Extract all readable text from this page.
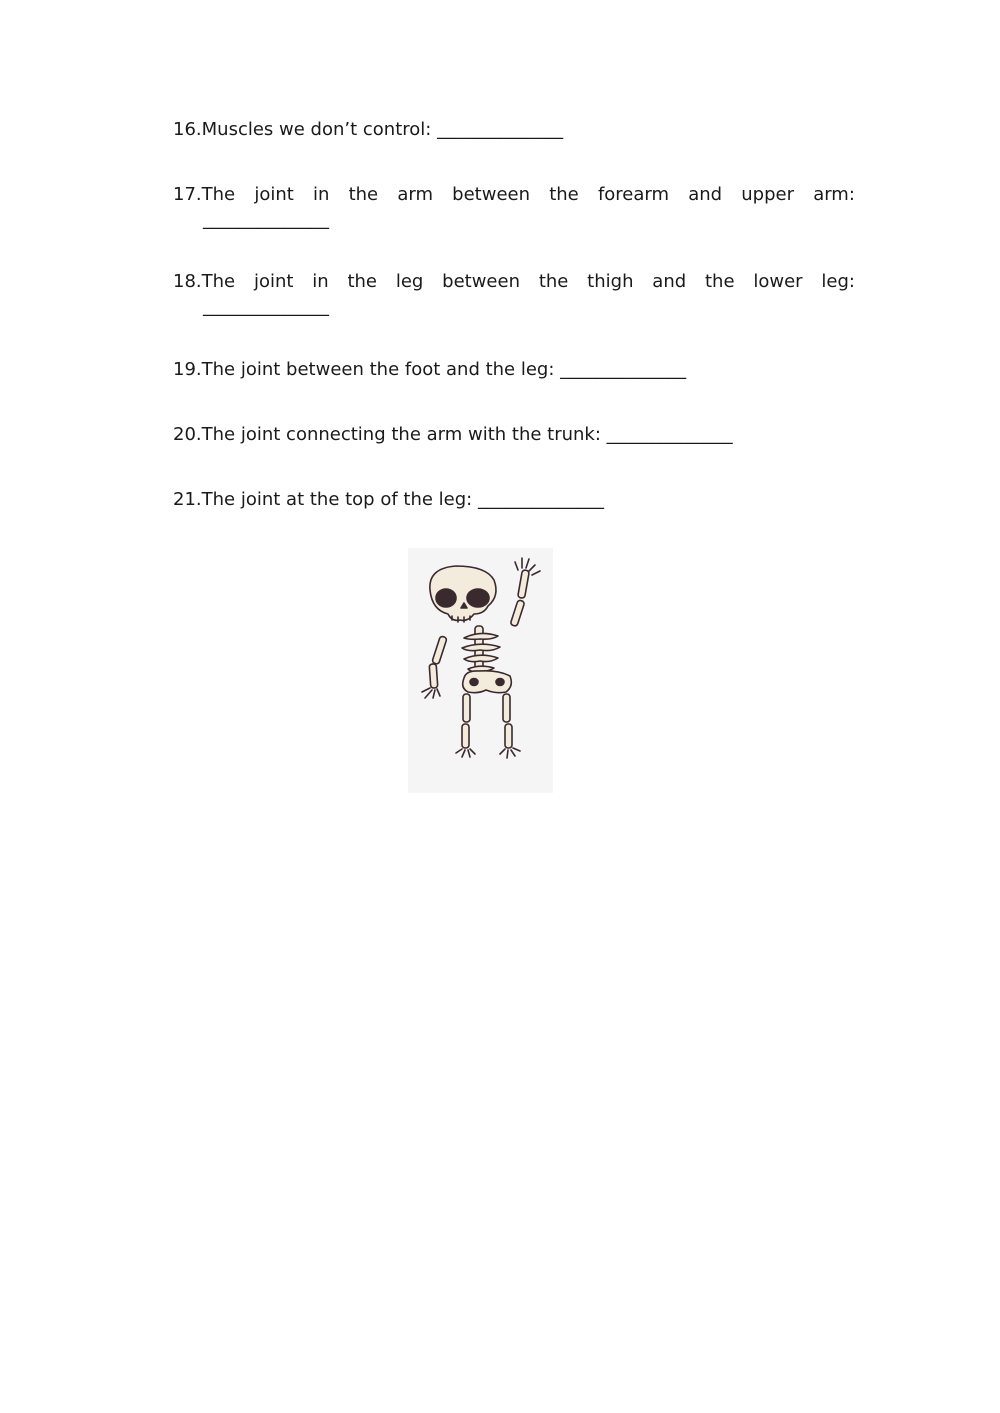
16.Muscles we don’t control: ______________
17.The joint in the arm between the forearm and upper arm:
______________
18.The joint in the leg between the thigh and the lower leg:
______________
19.The joint between the foot and the leg: ______________
20.The joint connecting the arm with the trunk: ______________
21.The joint at the top of the leg: ______________
